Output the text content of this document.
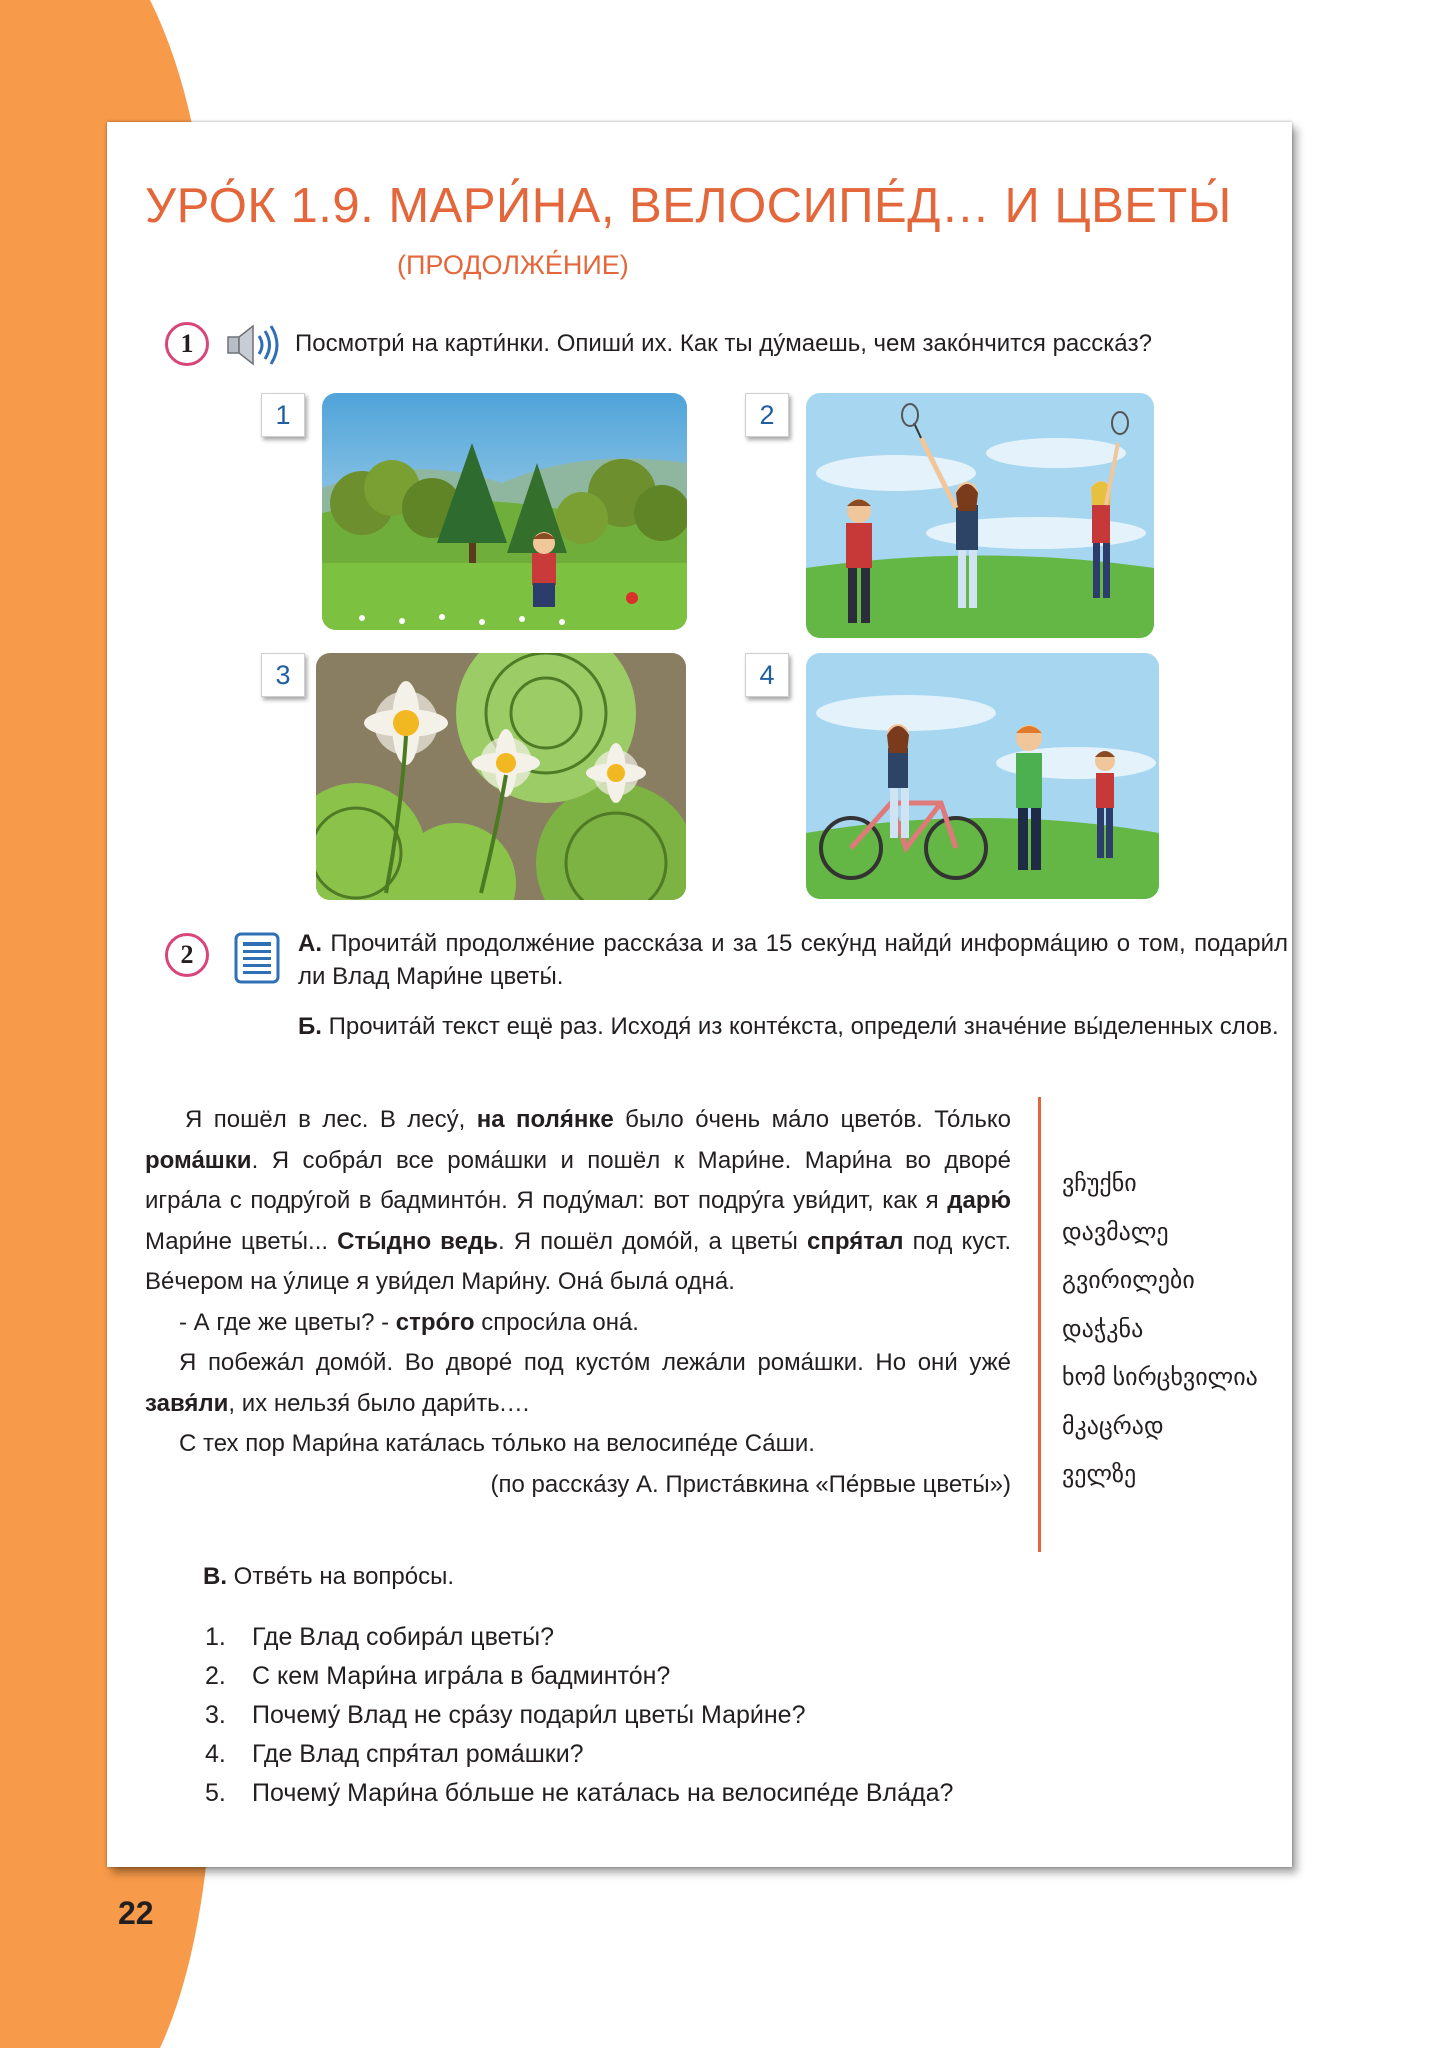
УРО́К 1.9. МАРИ́НА, ВЕЛОСИПЕ́Д… И ЦВЕТЫ́
(ПРОДОЛЖЕ́НИЕ)
1	Посмотри́ на карти́нки. Опиши́ их. Как ты ду́маешь, чем зако́нчится расска́з?
1	2
3	4
2	А. Прочита́й продолже́ние расска́за и за 15 секу́нд найди́ информа́цию о том, подари́л ли Влад Мари́не цветы́.
Б. Прочита́й текст ещё раз. Исходя́ из конте́кста, определи́ значе́ние вы́деленных слов.

Я пошёл в лес. В лесу́, на поля́нке было о́чень ма́ло цвето́в. То́лько рома́шки. Я собра́л все рома́шки и пошёл к Мари́не. Мари́на во дворе́ игра́ла с подру́гой в бадминто́н. Я поду́мал: вот подру́га уви́дит, как я дарю́ Мари́не цветы́... Сты́дно ведь. Я пошёл домо́й, а цветы́ спря́тал под куст. Ве́чером на у́лице я уви́дел Мари́ну. Она́ была́ одна́.

- А где же цветы? - стро́го спроси́ла она́.

Я побежа́л домо́й. Во дворе́ под кусто́м лежа́ли рома́шки. Но они́ уже́ завя́ли, их нельзя́ было дари́ть.…

С тех пор Мари́на ката́лась то́лько на велосипе́де Са́ши.

(по расска́зу А. Приста́вкина «Пе́рвые цветы́»)

ვჩუქნი
დავმალე
გვირილები
დაჭკნა
ხომ სირცხვილია
მკაცრად
ველზე
В. Отве́ть на вопро́сы.
1.	Где Влад собира́л цветы́?
2.	С кем Мари́на игра́ла в бадминто́н?
3.	Почему́ Влад не сра́зу подари́л цветы́ Мари́не?
4.	Где Влад спря́тал рома́шки?
5.	Почему́ Мари́на бо́льше не ката́лась на велосипе́де Вла́да?
22
